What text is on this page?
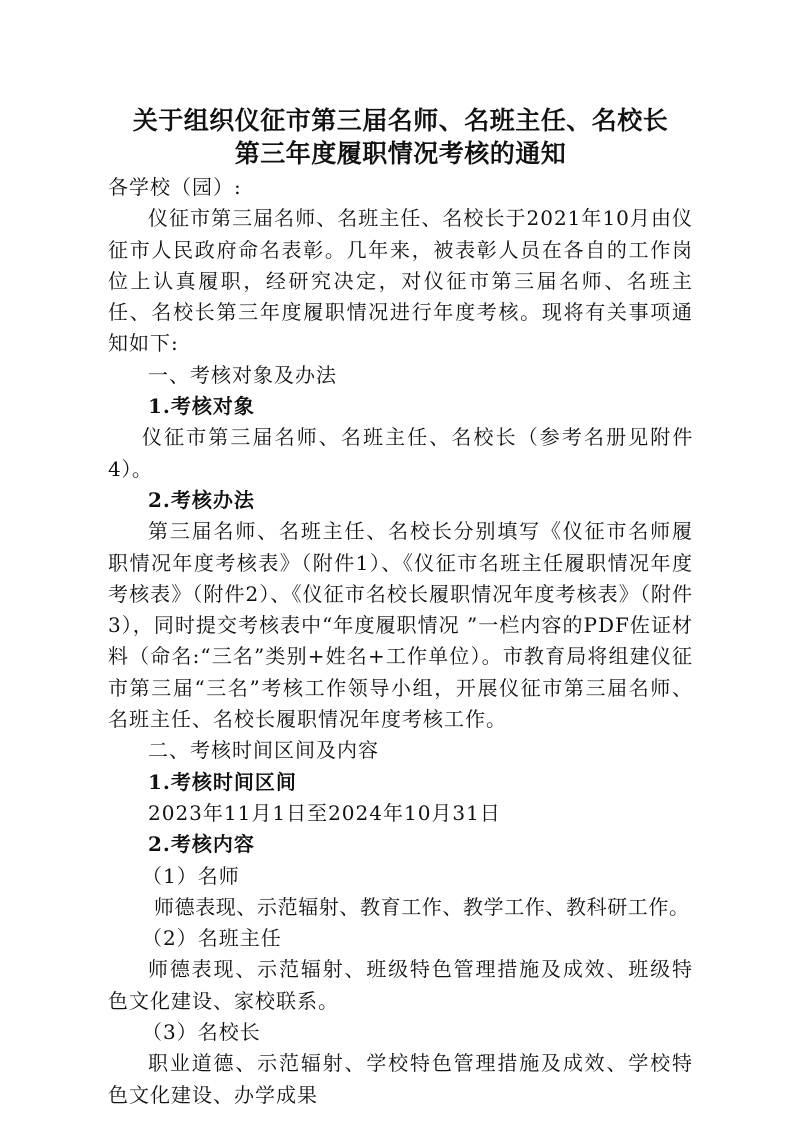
关于组织仪征市第三届名师、名班主任、名校长
第三年度履职情况考核的通知

各学校（园）:

仪征市第三届名师、名班主任、名校长于2021年10月由仪征市人民政府命名表彰。几年来，被表彰人员在各自的工作岗位上认真履职，经研究决定，对仪征市第三届名师、名班主任、名校长第三年度履职情况进行年度考核。现将有关事项通知如下:

一、考核对象及办法

1.考核对象

仪征市第三届名师、名班主任、名校长（参考名册见附件4）。

2.考核办法

第三届名师、名班主任、名校长分别填写《仪征市名师履职情况年度考核表》（附件1）、《仪征市名班主任履职情况年度考核表》（附件2）、《仪征市名校长履职情况年度考核表》（附件3），同时提交考核表中“年度履职情况 ”一栏内容的PDF佐证材料（命名:“三名”类别+姓名+工作单位）。市教育局将组建仪征市第三届“三名”考核工作领导小组，开展仪征市第三届名师、名班主任、名校长履职情况年度考核工作。

二、考核时间区间及内容

1.考核时间区间

2023年11月1日至2024年10月31日

2.考核内容

（1）名师

师德表现、示范辐射、教育工作、教学工作、教科研工作。

（2）名班主任

师德表现、示范辐射、班级特色管理措施及成效、班级特色文化建设、家校联系。

（3）名校长

职业道德、示范辐射、学校特色管理措施及成效、学校特色文化建设、办学成果
